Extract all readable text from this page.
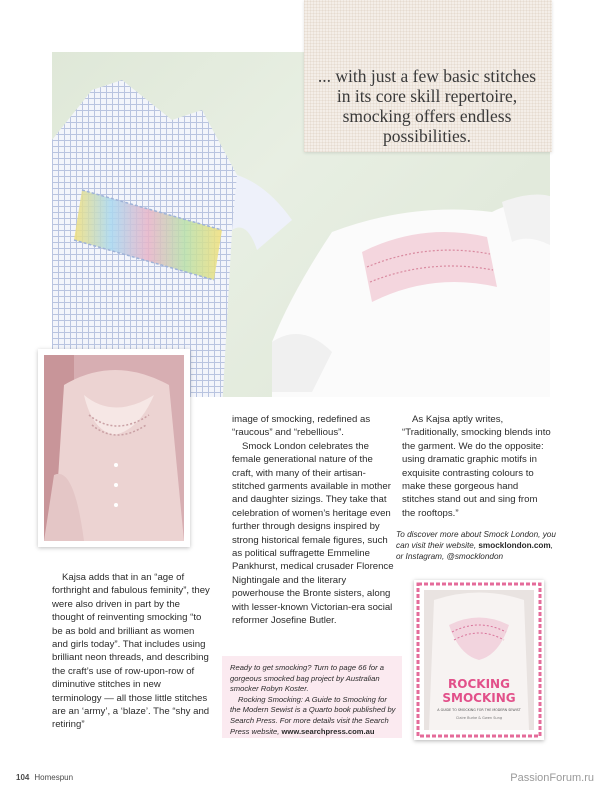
... with just a few basic stitches in its core skill repertoire, smocking offers endless possibilities.

Kajsa adds that in an “age of forthright and fabulous feminity”, they were also driven in part by the thought of reinventing smocking “to be as bold and brilliant as women and girls today”. That includes using brilliant neon threads, and describing the craft’s use of row-upon-row of diminutive stitches in new terminology — all those little stitches are an ‘army’, a ‘blaze’. The “shy and retiring”

image of smocking, redefined as “raucous” and “rebellious”.

Smock London celebrates the female generational nature of the craft, with many of their artisan-stitched garments available in mother and daughter sizings. They take that celebration of women’s heritage even further through designs inspired by strong historical female figures, such as political suffragette Emmeline Pankhurst, medical crusader Florence Nightingale and the literary powerhouse the Bronte sisters, along with lesser-known Victorian-era social reformer Josefine Butler.

As Kajsa aptly writes, “Traditionally, smocking blends into the garment. We do the opposite: using dramatic graphic motifs in exquisite contrasting colours to make these gorgeous hand stitches stand out and sing from the rooftops.”

To discover more about Smock London, you can visit their website, smocklondon.com, or Instagram, @smocklondon

Ready to get smocking? Turn to page 66 for a gorgeous smocked bag project by Australian smocker Robyn Koster.

Rocking Smocking: A Guide to Smocking for the Modern Sewist is a Quarto book published by Search Press. For more details visit the Search Press website, www.searchpress.com.au

ROCKING
SMOCKING
A GUIDE TO SMOCKING FOR THE MODERN SEWIST
Claire Burke & Gwen Sung
104 Homespun	PassionForum.ru
